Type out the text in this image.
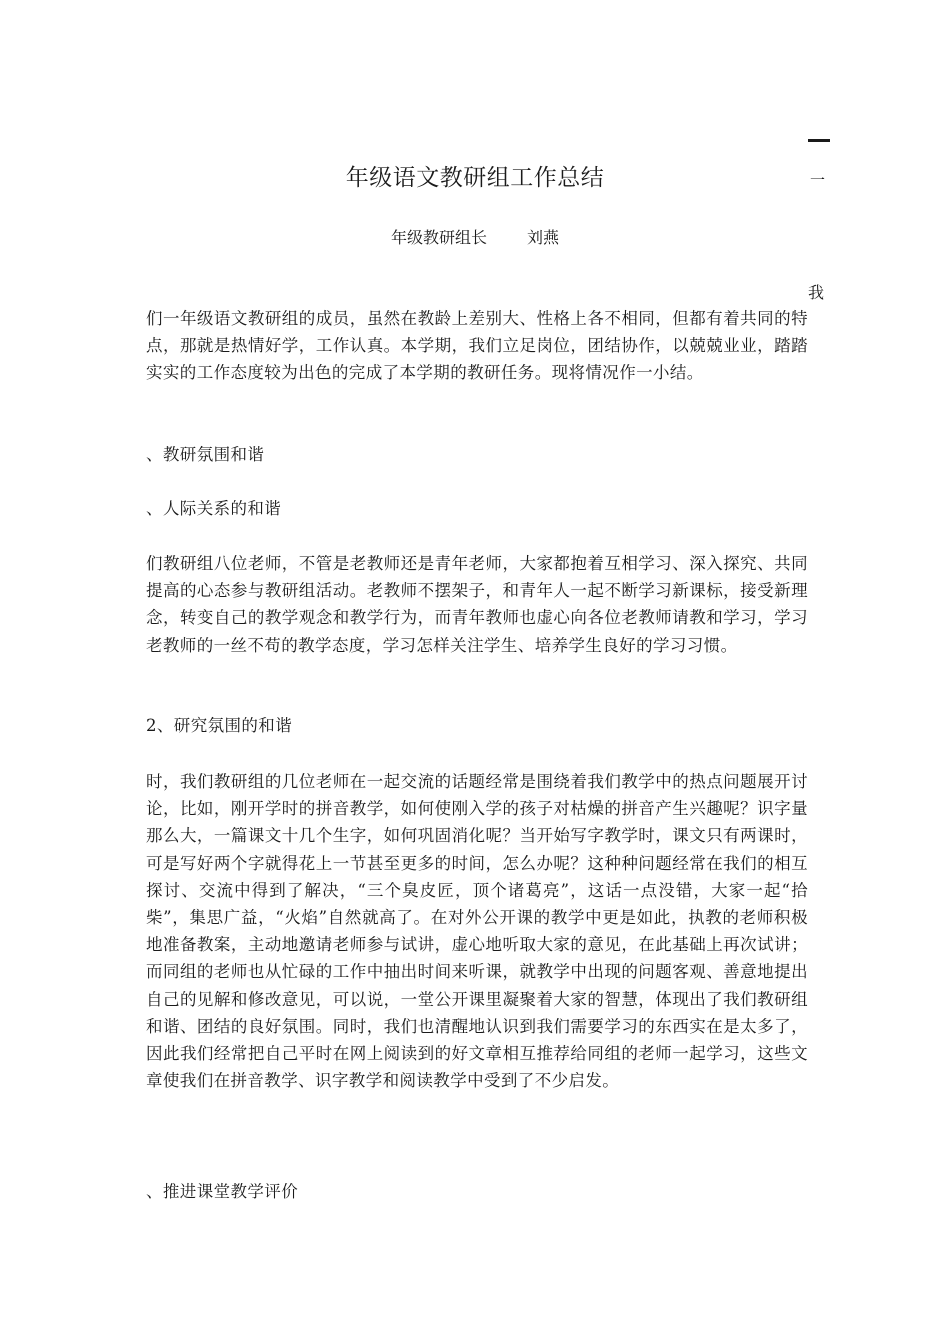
一
我
年级语文教研组工作总结
年级教研组长	刘燕
们一年级语文教研组的成员，虽然在教龄上差别大、性格上各不相同，但都有着共同的特点，那就是热情好学，工作认真。本学期，我们立足岗位，团结协作，以兢兢业业，踏踏实实的工作态度较为出色的完成了本学期的教研任务。现将情况作一小结。
、教研氛围和谐
、人际关系的和谐
们教研组八位老师，不管是老教师还是青年老师，大家都抱着互相学习、深入探究、共同提高的心态参与教研组活动。老教师不摆架子，和青年人一起不断学习新课标，接受新理念，转变自己的教学观念和教学行为，而青年教师也虚心向各位老教师请教和学习，学习老教师的一丝不苟的教学态度，学习怎样关注学生、培养学生良好的学习习惯。
2、研究氛围的和谐
时，我们教研组的几位老师在一起交流的话题经常是围绕着我们教学中的热点问题展开讨论，比如，刚开学时的拼音教学，如何使刚入学的孩子对枯燥的拼音产生兴趣呢？识字量那么大，一篇课文十几个生字，如何巩固消化呢？当开始写字教学时，课文只有两课时，可是写好两个字就得花上一节甚至更多的时间，怎么办呢？这种种问题经常在我们的相互探讨、交流中得到了解决，“三个臭皮匠，顶个诸葛亮”，这话一点没错，大家一起“拾柴”，集思广益，“火焰”自然就高了。在对外公开课的教学中更是如此，执教的老师积极地准备教案，主动地邀请老师参与试讲，虚心地听取大家的意见，在此基础上再次试讲；而同组的老师也从忙碌的工作中抽出时间来听课，就教学中出现的问题客观、善意地提出自己的见解和修改意见，可以说，一堂公开课里凝聚着大家的智慧，体现出了我们教研组和谐、团结的良好氛围。同时，我们也清醒地认识到我们需要学习的东西实在是太多了，因此我们经常把自己平时在网上阅读到的好文章相互推荐给同组的老师一起学习，这些文章使我们在拼音教学、识字教学和阅读教学中受到了不少启发。
、推进课堂教学评价
